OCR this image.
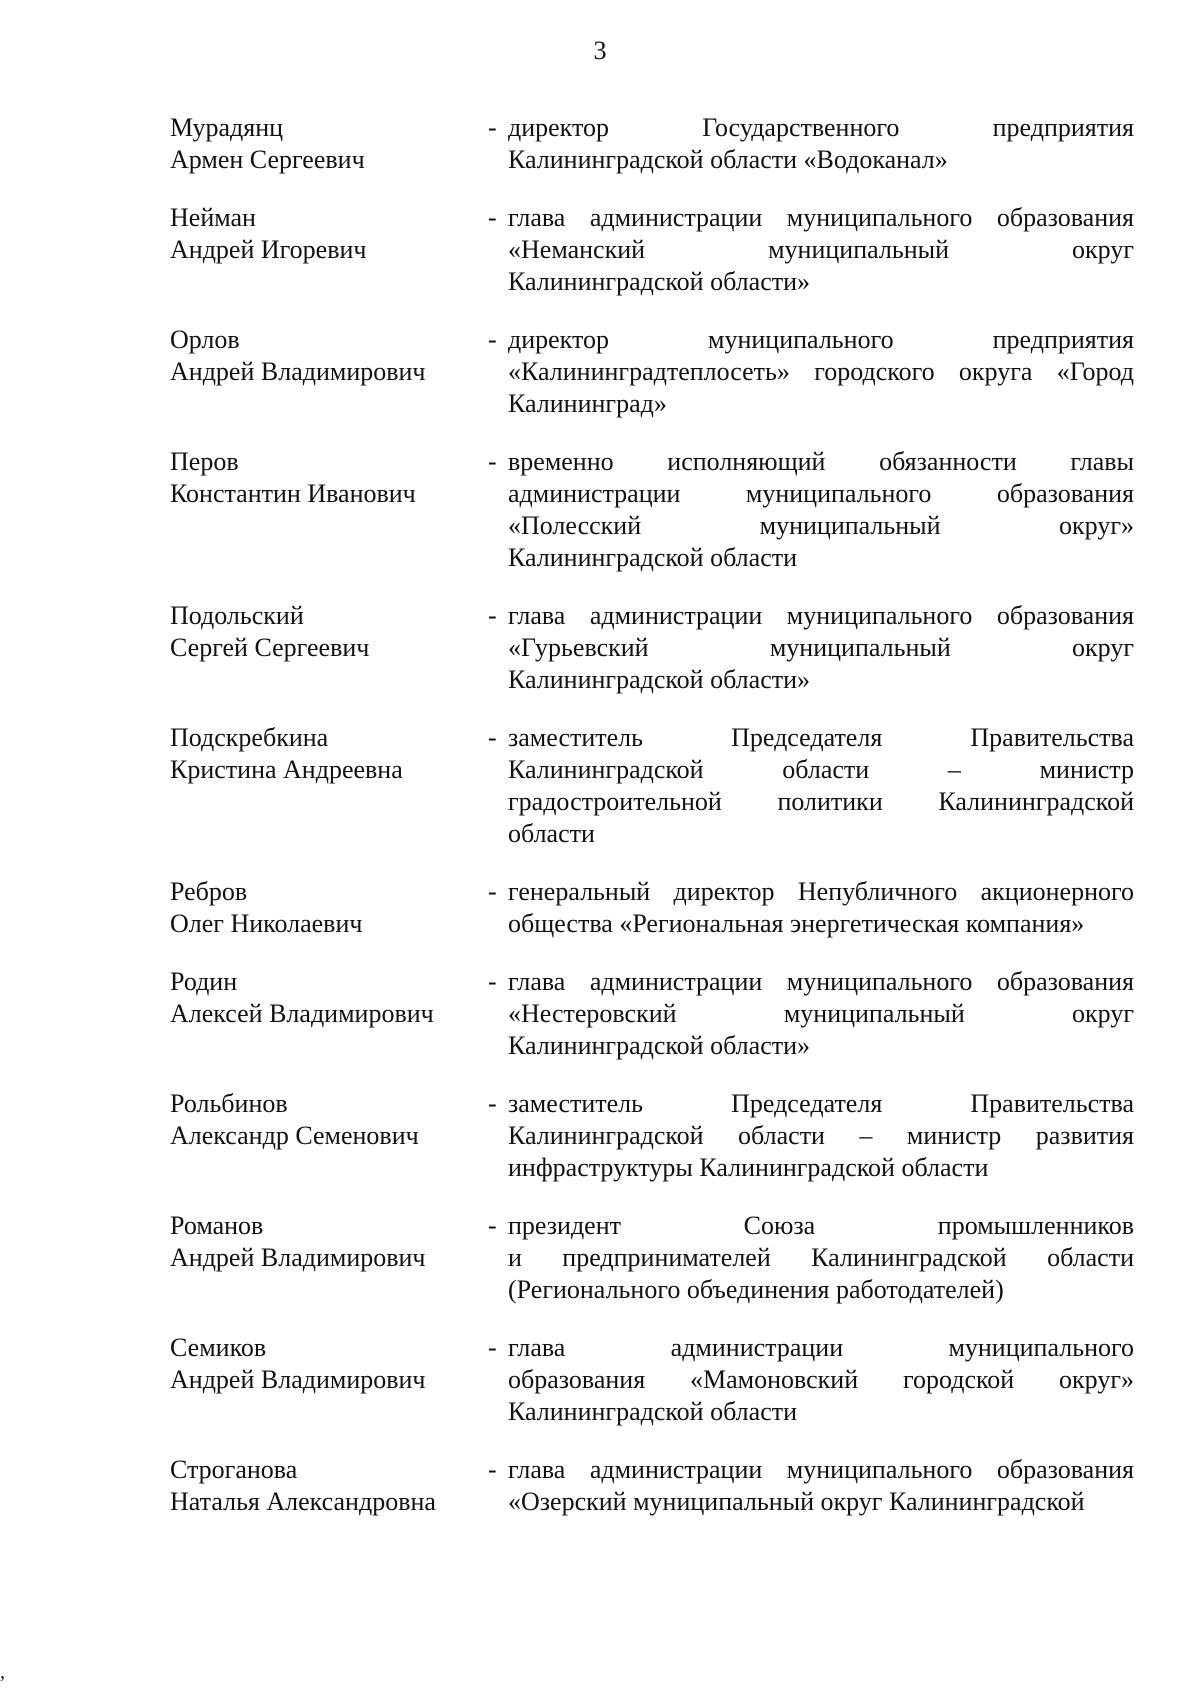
3
Мурадянц
Армен Сергеевич
- директор Государственного предприятия
Калининградской области «Водоканал»
Нейман
Андрей Игоревич
- глава администрации муниципального образования
«Неманский муниципальный округ
Калининградской области»
Орлов
Андрей Владимирович
- директор муниципального предприятия
«Калининградтеплосеть» городского округа «Город
Калининград»
Перов
Константин Иванович
- временно исполняющий обязанности главы
администрации муниципального образования
«Полесский муниципальный округ»
Калининградской области
Подольский
Сергей Сергеевич
- глава администрации муниципального образования
«Гурьевский муниципальный округ
Калининградской области»
Подскребкина
Кристина Андреевна
- заместитель Председателя Правительства
Калининградской области – министр
градостроительной политики Калининградской
области
Ребров
Олег Николаевич
- генеральный директор Непубличного акционерного
общества «Региональная энергетическая компания»
Родин
Алексей Владимирович
- глава администрации муниципального образования
«Нестеровский муниципальный округ
Калининградской области»
Рольбинов
Александр Семенович
- заместитель Председателя Правительства
Калининградской области – министр развития
инфраструктуры Калининградской области
Романов
Андрей Владимирович
- президент Союза промышленников
и предпринимателей Калининградской области
(Регионального объединения работодателей)
Семиков
Андрей Владимирович
- глава администрации муниципального
образования «Мамоновский городской округ»
Калининградской области
Строганова
Наталья Александровна
- глава администрации муниципального образования
«Озерский муниципальный округ Калининградской
,
